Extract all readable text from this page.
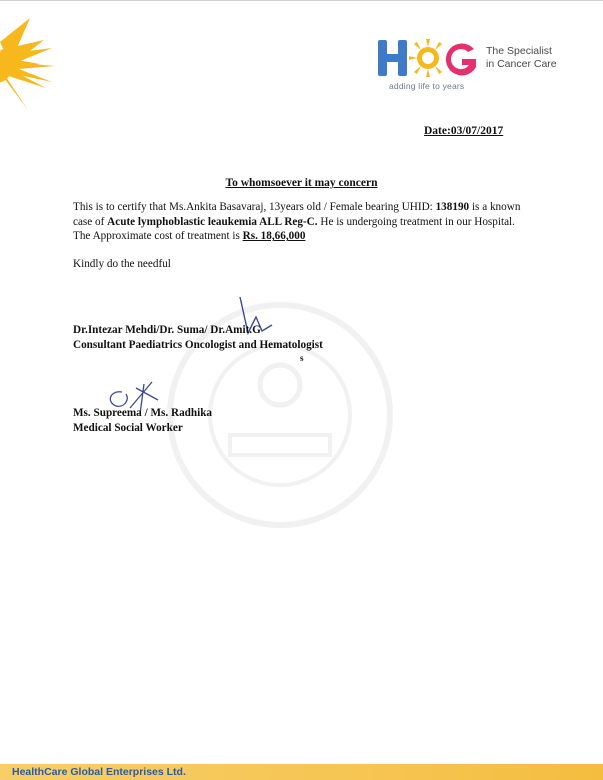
The Specialist
in Cancer Care
adding life to years
Date:03/07/2017
To whomsoever it may concern
This is to certify that Ms.Ankita Basavaraj, 13years old / Female bearing UHID: 138190 is a known case of Acute lymphoblastic leaukemia ALL Reg-C. He is undergoing treatment in our Hospital. The Approximate cost of treatment is Rs. 18,66,000
Kindly do the needful
Dr.Intezar Mehdi/Dr. Suma/ Dr.Amit.G
Consultant Paediatrics Oncologist and Hematologist
s
Ms. Supreema / Ms. Radhika
Medical Social Worker
HealthCare Global Enterprises Ltd.
